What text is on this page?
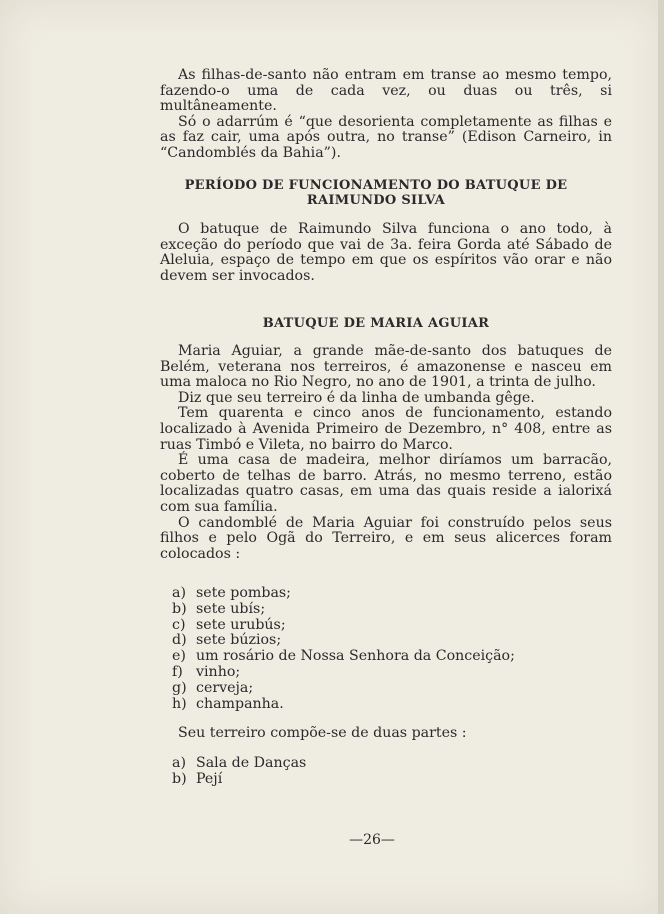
As filhas-de-santo não entram em transe ao mesmo tempo, fazendo-o uma de cada vez, ou duas ou três, si multâneamente.

Só o adarrúm é “que desorienta completamente as filhas e as faz cair, uma após outra, no transe” (Edison Carneiro, in “Candomblés da Bahia”).

PERÍODO DE FUNCIONAMENTO DO BATUQUE DE RAIMUNDO SILVA

O batuque de Raimundo Silva funciona o ano todo, à exceção do período que vai de 3a. feira Gorda até Sábado de Aleluia, espaço de tempo em que os espíritos vão orar e não devem ser invocados.

BATUQUE DE MARIA AGUIAR

Maria Aguiar, a grande mãe-de-santo dos batuques de Belém, veterana nos terreiros, é amazonense e nasceu em uma maloca no Rio Negro, no ano de 1901, a trinta de julho.

Diz que seu terreiro é da linha de umbanda gêge.

Tem quarenta e cinco anos de funcionamento, estando localizado à Avenida Primeiro de Dezembro, n° 408, entre as ruas Timbó e Vileta, no bairro do Marco.

É uma casa de madeira, melhor diríamos um barracão, coberto de telhas de barro. Atrás, no mesmo terreno, estão localizadas quatro casas, em uma das quais reside a ialorixá com sua família.

O candomblé de Maria Aguiar foi construído pelos seus filhos e pelo Ogã do Terreiro, e em seus alicerces foram colocados :

a) sete pombas;
b) sete ubís;
c) sete urubús;
d) sete búzios;
e) um rosário de Nossa Senhora da Conceição;
f) vinho;
g) cerveja;
h) champanha.

Seu terreiro compõe-se de duas partes :

a) Sala de Danças
b) Pejí
—26—
